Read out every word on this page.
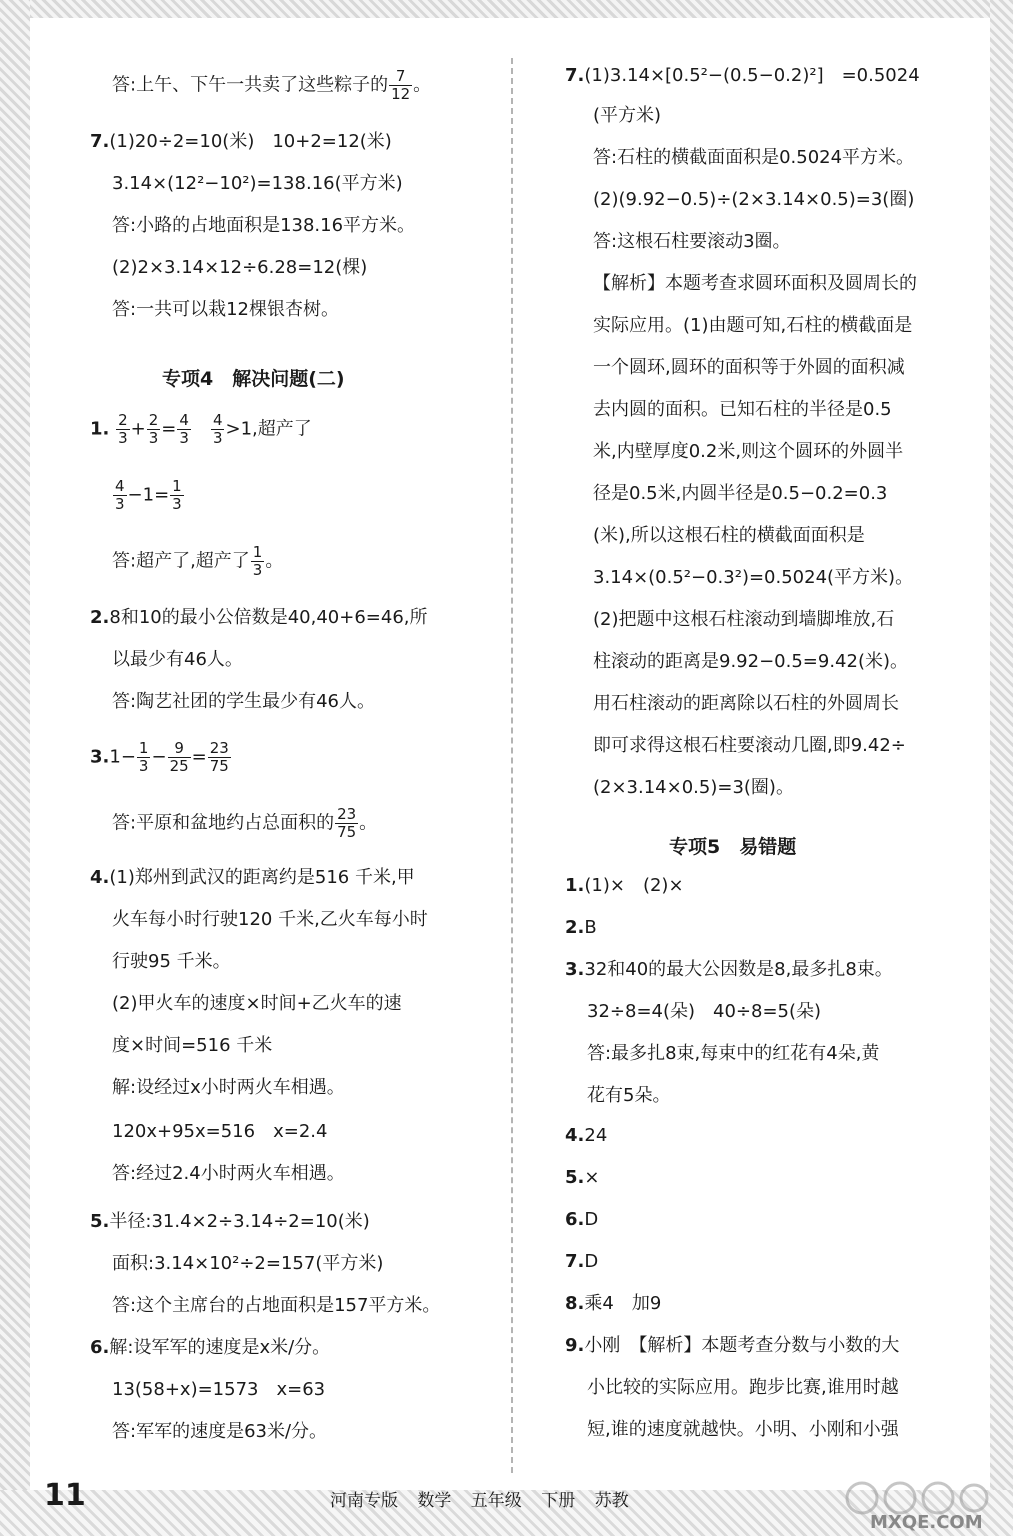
答:上午、下午一共卖了这些粽子的 $\frac{7}{12}$ 。
7.(1)20÷2=10(米)　10+2=12(米)
3.14×(12²−10²)=138.16(平方米)
答:小路的占地面积是138.16平方米。
(2)2×3.14×12÷6.28=12(棵)
答:一共可以栽12棵银杏树。
专项4　解决问题(二)
1. $\frac{2}{3} + \frac{2}{3} = \frac{4}{3}$
　 $\frac{4}{3} >1$,超产了
$\frac{4}{3} -1= \frac{1}{3}$
答:超产了,超产了 $\frac{1}{3}$ 。
2.8和10的最小公倍数是40,40+6=46,所
以最少有46人。
答:陶艺社团的学生最少有46人。
$3.1- \frac{1}{3} - \frac{9}{25} = \frac{23}{75}$
答:平原和盆地约占总面积的 $\frac{23}{75}$ 。
4.(1)郑州到武汉的距离约是516 千米,甲
火车每小时行驶120 千米,乙火车每小时
行驶95 千米。
(2)甲火车的速度×时间+乙火车的速
度×时间=516 千米
解:设经过x小时两火车相遇。
120x+95x=516　x=2.4
答:经过2.4小时两火车相遇。
5.半径:31.4×2÷3.14÷2=10(米)
面积:3.14×10²÷2=157(平方米)
答:这个主席台的占地面积是157平方米。
6.解:设军军的速度是x米/分。
13(58+x)=1573　x=63
答:军军的速度是63米/分。
7.(1)3.14×[0.5²−(0.5−0.2)²]　=0.5024
(平方米)
答:石柱的横截面面积是0.5024平方米。
(2)(9.92−0.5)÷(2×3.14×0.5)=3(圈)
答:这根石柱要滚动3圈。
【解析】本题考查求圆环面积及圆周长的
实际应用。(1)由题可知,石柱的横截面是
一个圆环,圆环的面积等于外圆的面积减
去内圆的面积。已知石柱的半径是0.5
米,内壁厚度0.2米,则这个圆环的外圆半
径是0.5米,内圆半径是0.5−0.2=0.3
(米),所以这根石柱的横截面面积是
3.14×(0.5²−0.3²)=0.5024(平方米)。
(2)把题中这根石柱滚动到墙脚堆放,石
柱滚动的距离是9.92−0.5=9.42(米)。
用石柱滚动的距离除以石柱的外圆周长
即可求得这根石柱要滚动几圈,即9.42÷
(2×3.14×0.5)=3(圈)。
专项5　易错题
1.(1)×　(2)×
2.B
3.32和40的最大公因数是8,最多扎8束。
32÷8=4(朵)　40÷8=5(朵)
答:最多扎8束,每束中的红花有4朵,黄
花有5朵。
4.24
5.×
6.D
7.D
8.乘4　加9
9.小刚　【解析】本题考查分数与小数的大
小比较的实际应用。跑步比赛,谁用时越
短,谁的速度就越快。小明、小刚和小强
11	河南专版 数学 五年级 下册 苏教
MXQE.COM
